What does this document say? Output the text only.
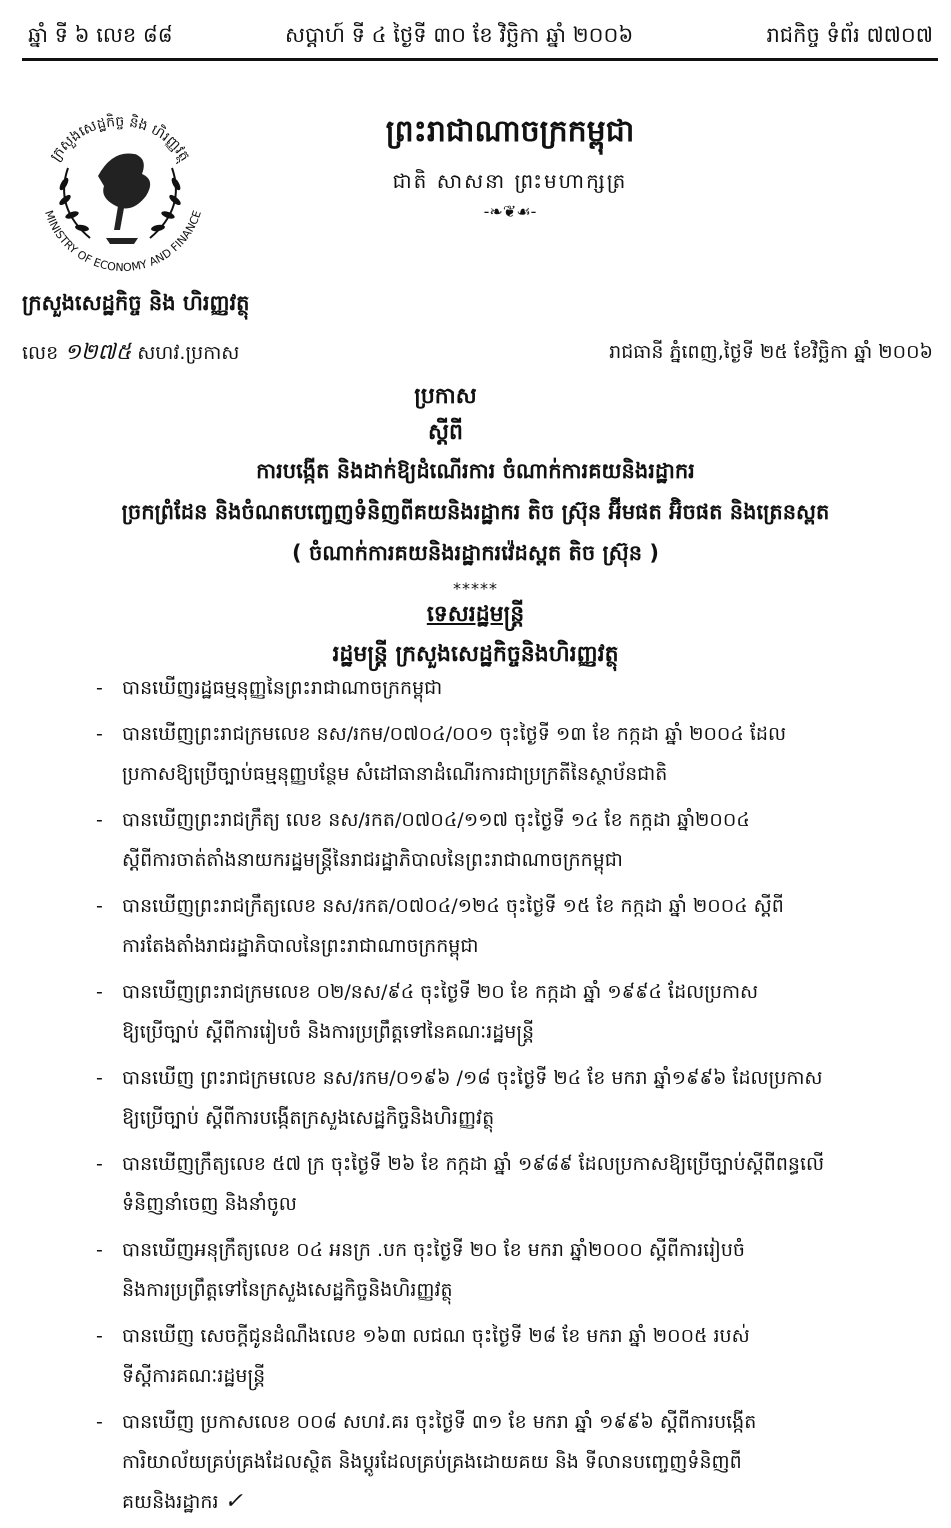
ឆ្នាំ ទី ៦ លេខ ៨៨	សប្តាហ៍ ទី ៤ ថ្ងៃទី ៣០ ខែ វិច្ឆិកា ឆ្នាំ ២០០៦	រាជកិច្ច ទំព័រ ៧៧០៧
ក្រសួងសេដ្ឋកិច្ច និង ហិរញ្ញវត្ថុ
MINISTRY OF ECONOMY AND FINANCE
ព្រះរាជាណាចក្រកម្ពុជា
ជាតិ សាសនា ព្រះមហាក្សត្រ
-❧❦☙-
ក្រសួងសេដ្ឋកិច្ច និង ហិរញ្ញវត្ថុ
លេខ ១២៧៥ សហវ.ប្រកាស	រាជធានី ភ្នំពេញ,ថ្ងៃទី ២៥ ខែវិច្ឆិកា ឆ្នាំ ២០០៦
ប្រកាស
ស្តីពី
ការបង្កើត និងដាក់ឱ្យដំណើរការ ចំណាក់ការគយនិងរដ្ឋាករ
ច្រកព្រំដែន និងចំណតបញ្ចេញទំនិញពីគយនិងរដ្ឋាករ តិច ស្រ៊ុន អ៊ីមផត អ៊ិចផត និងត្រេនស្ពត
( ចំណាក់ការគយនិងរដ្ឋាករវ៉េដស្ពត តិច ស្រ៊ុន )
*****
ទេសរដ្ឋមន្ត្រី
រដ្ឋមន្ត្រី ក្រសួងសេដ្ឋកិច្ចនិងហិរញ្ញវត្ថុ
- បានឃើញរដ្ឋធម្មនុញ្ញនៃព្រះរាជាណាចក្រកម្ពុជា
- បានឃើញព្រះរាជក្រមលេខ នស/រកម/០៧០៤/០០១ ចុះថ្ងៃទី ១៣ ខែ កក្កដា ឆ្នាំ ២០០៤ ដែល
ប្រកាសឱ្យប្រើច្បាប់ធម្មនុញ្ញបន្ថែម សំដៅធានាដំណើរការជាប្រក្រតីនៃស្ថាប័នជាតិ
- បានឃើញព្រះរាជក្រឹត្យ លេខ នស/រកត/០៧០៤/១១៧ ចុះថ្ងៃទី ១៤ ខែ កក្កដា ឆ្នាំ២០០៤
ស្តីពីការចាត់តាំងនាយករដ្ឋមន្ត្រីនៃរាជរដ្ឋាភិបាលនៃព្រះរាជាណាចក្រកម្ពុជា
- បានឃើញព្រះរាជក្រឹត្យលេខ នស/រកត/០៧០៤/១២៤ ចុះថ្ងៃទី ១៥ ខែ កក្កដា ឆ្នាំ ២០០៤ ស្តីពី
ការតែងតាំងរាជរដ្ឋាភិបាលនៃព្រះរាជាណាចក្រកម្ពុជា
- បានឃើញព្រះរាជក្រមលេខ ០២/នស/៩៤ ចុះថ្ងៃទី ២០ ខែ កក្កដា ឆ្នាំ ១៩៩៤ ដែលប្រកាស
ឱ្យប្រើច្បាប់ ស្តីពីការរៀបចំ និងការប្រព្រឹត្តទៅនៃគណៈរដ្ឋមន្ត្រី
- បានឃើញ ព្រះរាជក្រមលេខ នស/រកម/០១៩៦ /១៨ ចុះថ្ងៃទី ២៤ ខែ មករា ឆ្នាំ១៩៩៦ ដែលប្រកាស
ឱ្យប្រើច្បាប់ ស្តីពីការបង្កើតក្រសួងសេដ្ឋកិច្ចនិងហិរញ្ញវត្ថុ
- បានឃើញក្រឹត្យលេខ ៥៧ ក្រ ចុះថ្ងៃទី ២៦ ខែ កក្កដា ឆ្នាំ ១៩៨៩ ដែលប្រកាសឱ្យប្រើច្បាប់ស្តីពីពន្ធលើ
ទំនិញនាំចេញ និងនាំចូល
- បានឃើញអនុក្រឹត្យលេខ ០៤ អនក្រ .បក ចុះថ្ងៃទី ២០ ខែ មករា ឆ្នាំ២០០០ ស្តីពីការរៀបចំ
និងការប្រព្រឹត្តទៅនៃក្រសួងសេដ្ឋកិច្ចនិងហិរញ្ញវត្ថុ
- បានឃើញ សេចក្តីជូនដំណឹងលេខ ១៦៣ លជណ ចុះថ្ងៃទី ២៨ ខែ មករា ឆ្នាំ ២០០៥ របស់
ទីស្តីការគណៈរដ្ឋមន្ត្រី
- បានឃើញ ប្រកាសលេខ ០០៨ សហវ.គរ ចុះថ្ងៃទី ៣១ ខែ មករា ឆ្នាំ ១៩៩៦ ស្តីពីការបង្កើត
ការិយាល័យគ្រប់គ្រងដែលស្ថិត និងប្តូរដែលគ្រប់គ្រងដោយគយ និង ទីលានបញ្ចេញទំនិញពី
គយនិងរដ្ឋាករ ✓
